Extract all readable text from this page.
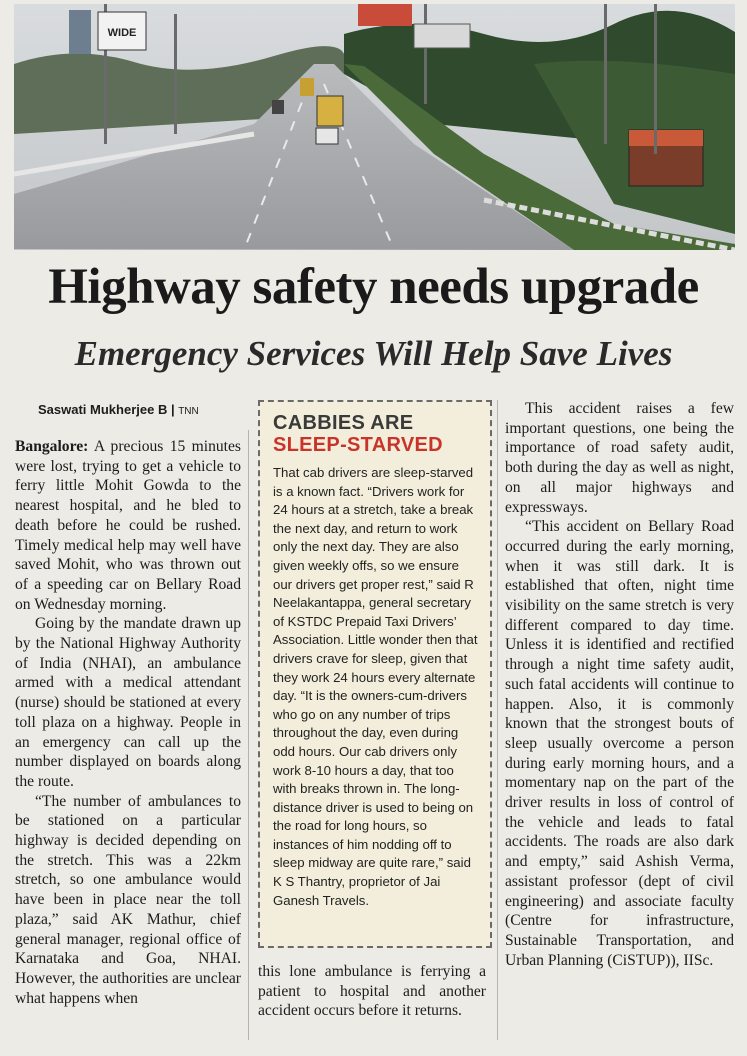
WIDE
Highway safety needs upgrade
Emergency Services Will Help Save Lives
Saswati Mukherjee B | TNN

Bangalore: A precious 15 minutes were lost, trying to get a vehicle to ferry little Mohit Gowda to the nearest hospital, and he bled to death before he could be rushed. Timely medical help may well have saved Mohit, who was thrown out of a speeding car on Bellary Road on Wednesday morning.

Going by the mandate drawn up by the National Highway Authority of India (NHAI), an ambulance armed with a medical attendant (nurse) should be stationed at every toll plaza on a highway. People in an emergency can call up the number displayed on boards along the route.

“The number of ambulances to be stationed on a particular highway is decided depending on the stretch. This was a 22km stretch, so one ambulance would have been in place near the toll plaza,” said AK Mathur, chief general manager, regional office of Karnataka and Goa, NHAI. However, the authorities are unclear what happens when

CABBIES ARE
SLEEP-STARVED

That cab drivers are sleep-starved is a known fact. “Drivers work for 24 hours at a stretch, take a break the next day, and return to work only the next day. They are also given weekly offs, so we ensure our drivers get proper rest,” said R Neelakantappa, general secretary of KSTDC Prepaid Taxi Drivers’ Association. Little wonder then that drivers crave for sleep, given that they work 24 hours every alternate day. “It is the owners-cum-drivers who go on any number of trips throughout the day, even during odd hours. Our cab drivers only work 8-10 hours a day, that too with breaks thrown in. The long-distance driver is used to being on the road for long hours, so instances of him nodding off to sleep midway are quite rare,” said K S Thantry, proprietor of Jai Ganesh Travels.

this lone ambulance is ferrying a patient to hospital and another accident occurs before it returns.

This accident raises a few important questions, one being the importance of road safety audit, both during the day as well as night, on all major highways and expressways.

“This accident on Bellary Road occurred during the early morning, when it was still dark. It is established that often, night time visibility on the same stretch is very different compared to day time. Unless it is identified and rectified through a night time safety audit, such fatal accidents will continue to happen. Also, it is commonly known that the strongest bouts of sleep usually overcome a person during early morning hours, and a momentary nap on the part of the driver results in loss of control of the vehicle and leads to fatal accidents. The roads are also dark and empty,” said Ashish Verma, assistant professor (dept of civil engineering) and associate faculty (Centre for infrastructure, Sustainable Transportation, and Urban Planning (CiSTUP)), IISc.
